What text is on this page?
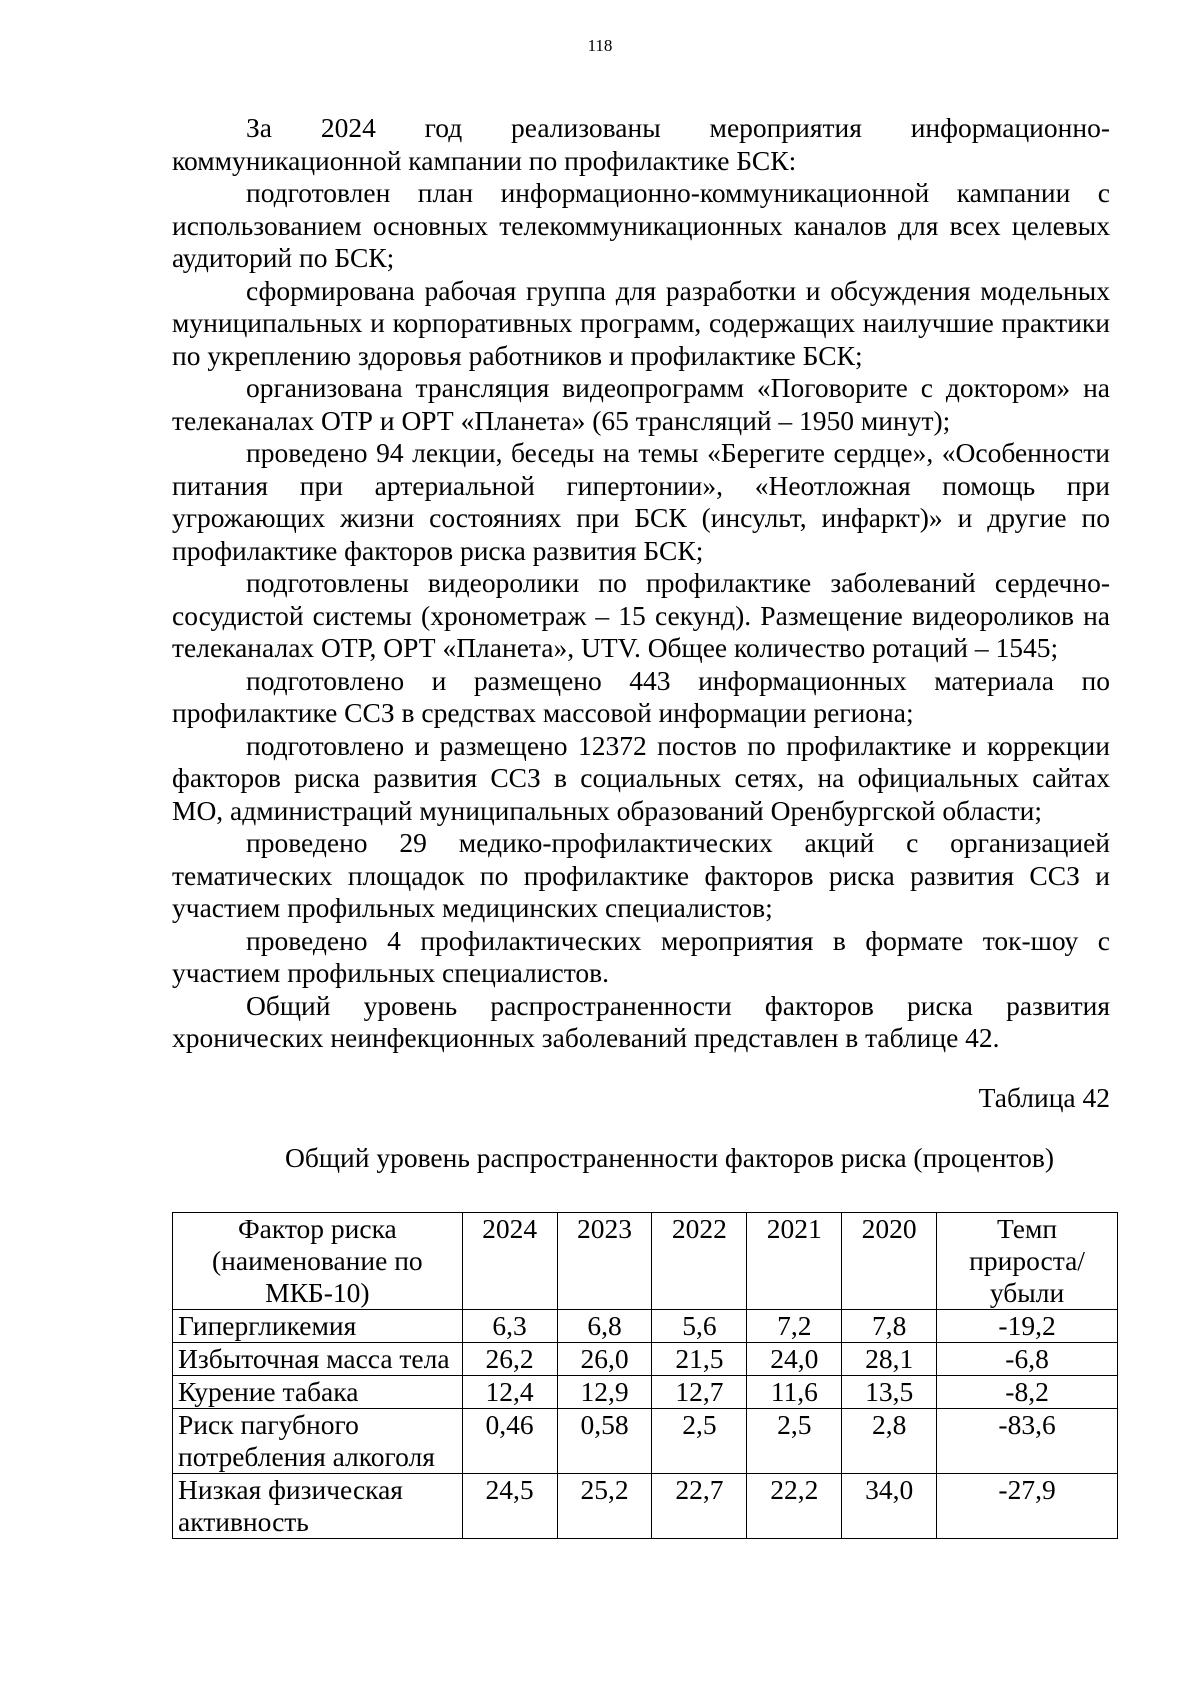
118

За 2024 год реализованы мероприятия информационно-коммуникационной кампании по профилактике БСК:

подготовлен план информационно-коммуникационной кампании с использованием основных телекоммуникационных каналов для всех целевых аудиторий по БСК;

сформирована рабочая группа для разработки и обсуждения модельных муниципальных и корпоративных программ, содержащих наилучшие практики по укреплению здоровья работников и профилактике БСК;

организована трансляция видеопрограмм «Поговорите с доктором» на телеканалах ОТР и ОРТ «Планета» (65 трансляций – 1950 минут);

проведено 94 лекции, беседы на темы «Берегите сердце», «Особенности питания при артериальной гипертонии», «Неотложная помощь при угрожающих жизни состояниях при БСК (инсульт, инфаркт)» и другие по профилактике факторов риска развития БСК;

подготовлены видеоролики по профилактике заболеваний сердечно-сосудистой системы (хронометраж – 15 секунд). Размещение видеороликов на телеканалах ОТР, ОРТ «Планета», UTV. Общее количество ротаций – 1545;

подготовлено и размещено 443 информационных материала по профилактике ССЗ в средствах массовой информации региона;

подготовлено и размещено 12372 постов по профилактике и коррекции факторов риска развития ССЗ в социальных сетях, на официальных сайтах МО, администраций муниципальных образований Оренбургской области;

проведено 29 медико-профилактических акций с организацией тематических площадок по профилактике факторов риска развития ССЗ и участием профильных медицинских специалистов;

проведено 4 профилактических мероприятия в формате ток-шоу с участием профильных специалистов.

Общий уровень распространенности факторов риска развития хронических неинфекционных заболеваний представлен в таблице 42.

Таблица 42
Общий уровень распространенности факторов риска (процентов)
Фактор риска (наименование по МКБ-10)	2024	2023	2022	2021	2020	Темп прироста/ убыли
Гипергликемия	6,3	6,8	5,6	7,2	7,8	-19,2
Избыточная масса тела	26,2	26,0	21,5	24,0	28,1	-6,8
Курение табака	12,4	12,9	12,7	11,6	13,5	-8,2
Риск пагубного потребления алкоголя	0,46	0,58	2,5	2,5	2,8	-83,6
Низкая физическая активность	24,5	25,2	22,7	22,2	34,0	-27,9
